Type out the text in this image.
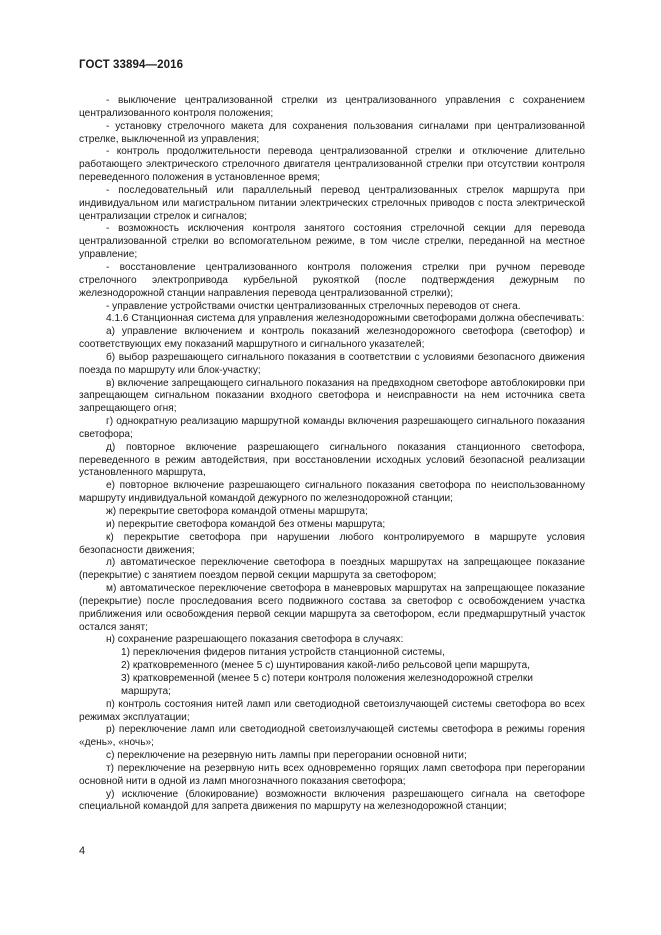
ГОСТ 33894—2016

- выключение централизованной стрелки из централизованного управления с сохранением централизованного контроля положения;

- установку стрелочного макета для сохранения пользования сигналами при централизованной стрелке, выключенной из управления;

- контроль продолжительности перевода централизованной стрелки и отключение длительно работающего электрического стрелочного двигателя централизованной стрелки при отсутствии контроля переведенного положения в установленное время;

- последовательный или параллельный перевод централизованных стрелок маршрута при индивидуальном или магистральном питании электрических стрелочных приводов с поста электрической централизации стрелок и сигналов;

- возможность исключения контроля занятого состояния стрелочной секции для перевода централизованной стрелки во вспомогательном режиме, в том числе стрелки, переданной на местное управление;

- восстановление централизованного контроля положения стрелки при ручном переводе стрелочного электропривода курбельной рукояткой (после подтверждения дежурным по железнодорожной станции направления перевода централизованной стрелки);

- управление устройствами очистки централизованных стрелочных переводов от снега.

4.1.6 Станционная система для управления железнодорожными светофорами должна обеспечивать:

а) управление включением и контроль показаний железнодорожного светофора (светофор) и соответствующих ему показаний маршрутного и сигнального указателей;

б) выбор разрешающего сигнального показания в соответствии с условиями безопасного движения поезда по маршруту или блок-участку;

в) включение запрещающего сигнального показания на предвходном светофоре автоблокировки при запрещающем сигнальном показании входного светофора и неисправности на нем источника света запрещающего огня;

г) однократную реализацию маршрутной команды включения разрешающего сигнального показания светофора;

д) повторное включение разрешающего сигнального показания станционного светофора, переведенного в режим автодействия, при восстановлении исходных условий безопасной реализации установленного маршрута,

е) повторное включение разрешающего сигнального показания светофора по неиспользованному маршруту индивидуальной командой дежурного по железнодорожной станции;

ж) перекрытие светофора командой отмены маршрута;

и) перекрытие светофора командой без отмены маршрута;

к) перекрытие светофора при нарушении любого контролируемого в маршруте условия безопасности движения;

л) автоматическое переключение светофора в поездных маршрутах на запрещающее показание (перекрытие) с занятием поездом первой секции маршрута за светофором;

м) автоматическое переключение светофора в маневровых маршрутах на запрещающее показание (перекрытие) после проследования всего подвижного состава за светофор с освобождением участка приближения или освобождения первой секции маршрута за светофором, если предмаршрутный участок остался занят;

н) сохранение разрешающего показания светофора в случаях:

1) переключения фидеров питания устройств станционной системы,

2) кратковременного (менее 5 с) шунтирования какой-либо рельсовой цепи маршрута,

3) кратковременной (менее 5 с) потери контроля положения железнодорожной стрелки маршрута;

п) контроль состояния нитей ламп или светодиодной светоизлучающей системы светофора во всех режимах эксплуатации;

р) переключение ламп или светодиодной светоизлучающей системы светофора в режимы горения «день», «ночь»;

с) переключение на резервную нить лампы при перегорании основной нити;

т) переключение на резервную нить всех одновременно горящих ламп светофора при перегорании основной нити в одной из ламп многозначного показания светофора;

у) исключение (блокирование) возможности включения разрешающего сигнала на светофоре специальной командой для запрета движения по маршруту на железнодорожной станции;

4
